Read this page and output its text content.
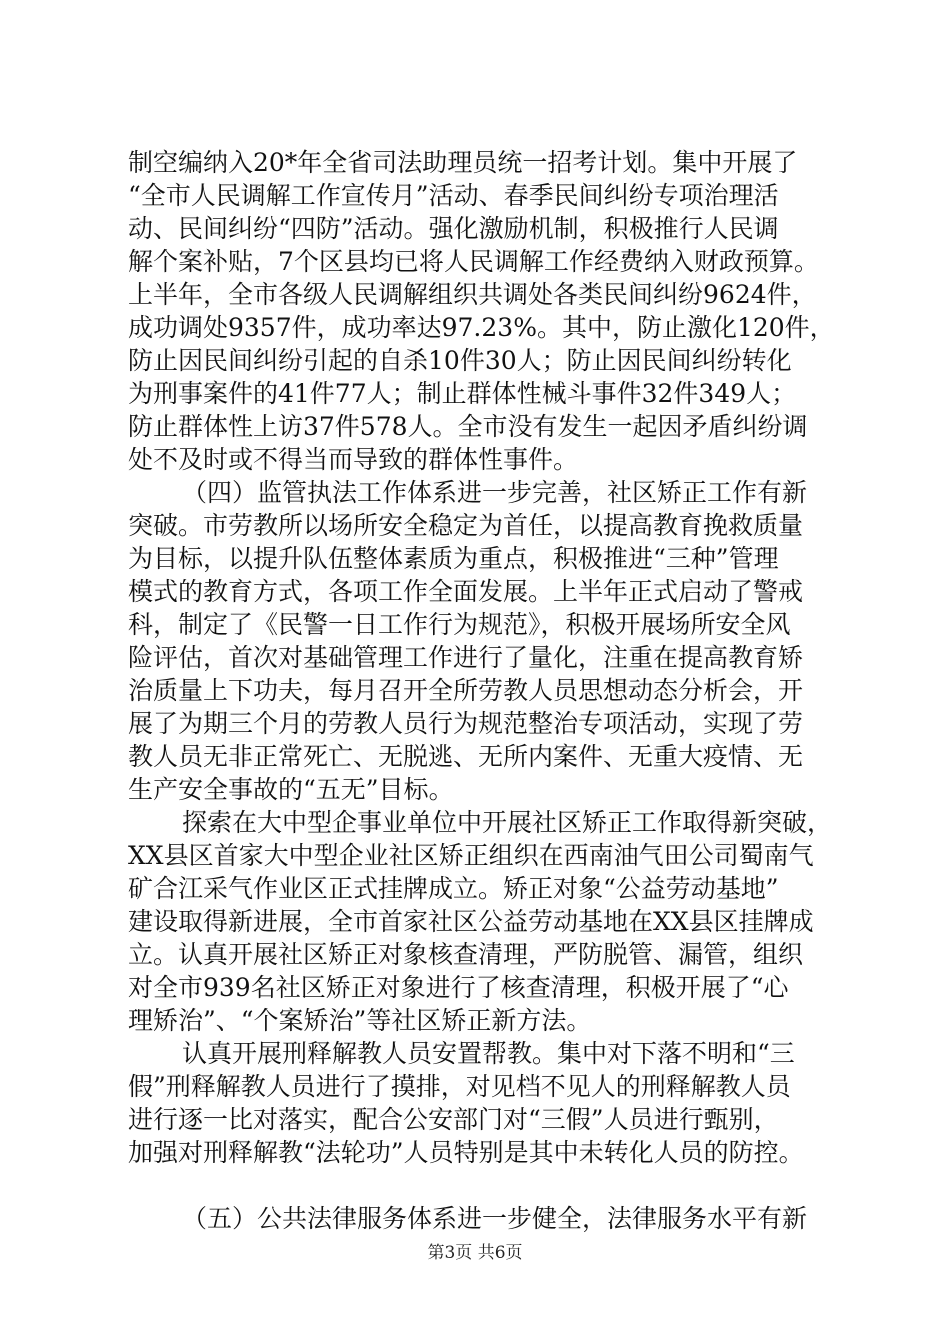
制空编纳入20*年全省司法助理员统一招考计划。集中开展了
“全市人民调解工作宣传月”活动、春季民间纠纷专项治理活
动、民间纠纷“四防”活动。强化激励机制，积极推行人民调
解个案补贴，7个区县均已将人民调解工作经费纳入财政预算。
上半年，全市各级人民调解组织共调处各类民间纠纷9624件，
成功调处9357件，成功率达97.23%。其中，防止激化120件，
防止因民间纠纷引起的自杀10件30人；防止因民间纠纷转化
为刑事案件的41件77人；制止群体性械斗事件32件349人；
防止群体性上访37件578人。全市没有发生一起因矛盾纠纷调
处不及时或不得当而导致的群体性事件。
（四）监管执法工作体系进一步完善，社区矫正工作有新
突破。市劳教所以场所安全稳定为首任，以提高教育挽救质量
为目标，以提升队伍整体素质为重点，积极推进“三种”管理
模式的教育方式，各项工作全面发展。上半年正式启动了警戒
科，制定了《民警一日工作行为规范》，积极开展场所安全风
险评估，首次对基础管理工作进行了量化，注重在提高教育矫
治质量上下功夫，每月召开全所劳教人员思想动态分析会，开
展了为期三个月的劳教人员行为规范整治专项活动，实现了劳
教人员无非正常死亡、无脱逃、无所内案件、无重大疫情、无
生产安全事故的“五无”目标。
探索在大中型企事业单位中开展社区矫正工作取得新突破，
XX县区首家大中型企业社区矫正组织在西南油气田公司蜀南气
矿合江采气作业区正式挂牌成立。矫正对象“公益劳动基地”
建设取得新进展，全市首家社区公益劳动基地在XX县区挂牌成
立。认真开展社区矫正对象核查清理，严防脱管、漏管，组织
对全市939名社区矫正对象进行了核查清理，积极开展了“心
理矫治”、“个案矫治”等社区矫正新方法。
认真开展刑释解教人员安置帮教。集中对下落不明和“三
假”刑释解教人员进行了摸排，对见档不见人的刑释解教人员
进行逐一比对落实，配合公安部门对“三假”人员进行甄别，
加强对刑释解教“法轮功”人员特别是其中未转化人员的防控。
（五）公共法律服务体系进一步健全，法律服务水平有新
第3页 共6页
